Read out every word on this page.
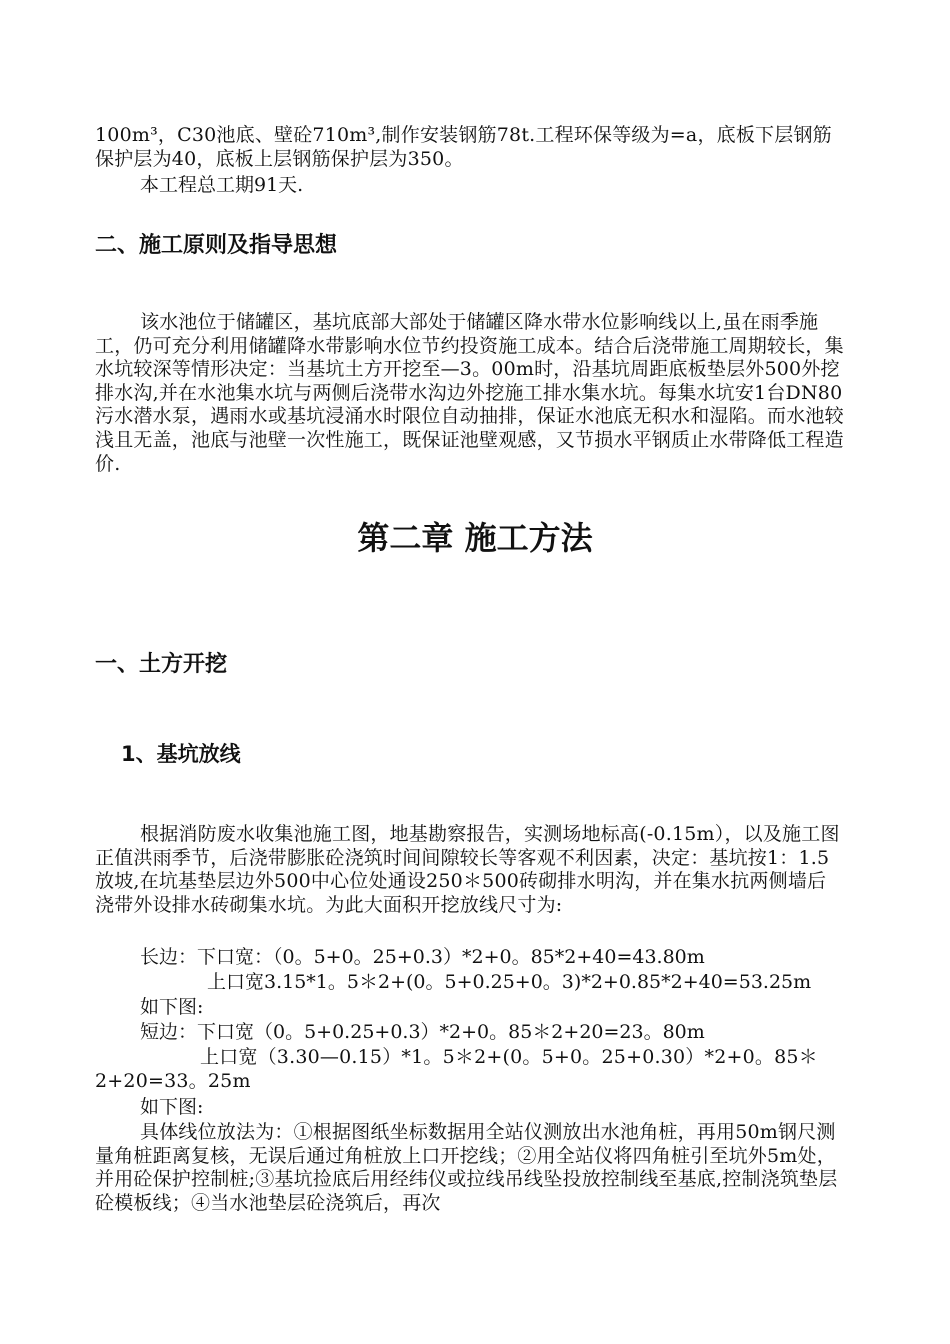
100m³，C30池底、壁砼710m³,制作安装钢筋78t.工程环保等级为=a，底板下层钢筋保护层为40，底板上层钢筋保护层为350。

本工程总工期91天.

二、施工原则及指导思想

该水池位于储罐区，基坑底部大部处于储罐区降水带水位影响线以上,虽在雨季施工，仍可充分利用储罐降水带影响水位节约投资施工成本。结合后浇带施工周期较长，集水坑较深等情形决定：当基坑土方开挖至—3。00m时，沿基坑周距底板垫层外500外挖排水沟,并在水池集水坑与两侧后浇带水沟边外挖施工排水集水坑。每集水坑安1台DN80污水潜水泵，遇雨水或基坑浸涌水时限位自动抽排，保证水池底无积水和湿陷。而水池较浅且无盖，池底与池壁一次性施工，既保证池壁观感，又节损水平钢质止水带降低工程造价.

第二章 施工方法
一、土方开挖
1、基坑放线

根据消防废水收集池施工图，地基勘察报告，实测场地标高(-0.15m），以及施工图正值洪雨季节，后浇带膨胀砼浇筑时间间隙较长等客观不利因素，决定：基坑按1：1.5放坡,在坑基垫层边外500中心位处通设250＊500砖砌排水明沟，并在集水抗两侧墙后浇带外设排水砖砌集水坑。为此大面积开挖放线尺寸为:

长边：下口宽：（0。5+0。25+0.3）*2+0。85*2+40=43.80m

上口宽3.15*1。5＊2+(0。5+0.25+0。3)*2+0.85*2+40=53.25m

如下图:

短边：下口宽（0。5+0.25+0.3）*2+0。85＊2+20=23。80m

上口宽（3.30—0.15）*1。5＊2+(0。5+0。25+0.30）*2+0。85＊2+20=33。25m

如下图:

具体线位放法为：①根据图纸坐标数据用全站仪测放出水池角桩，再用50m钢尺测量角桩距离复核，无误后通过角桩放上口开挖线；②用全站仪将四角桩引至坑外5m处，并用砼保护控制桩;③基坑捡底后用经纬仪或拉线吊线坠投放控制线至基底,控制浇筑垫层砼模板线；④当水池垫层砼浇筑后，再次
